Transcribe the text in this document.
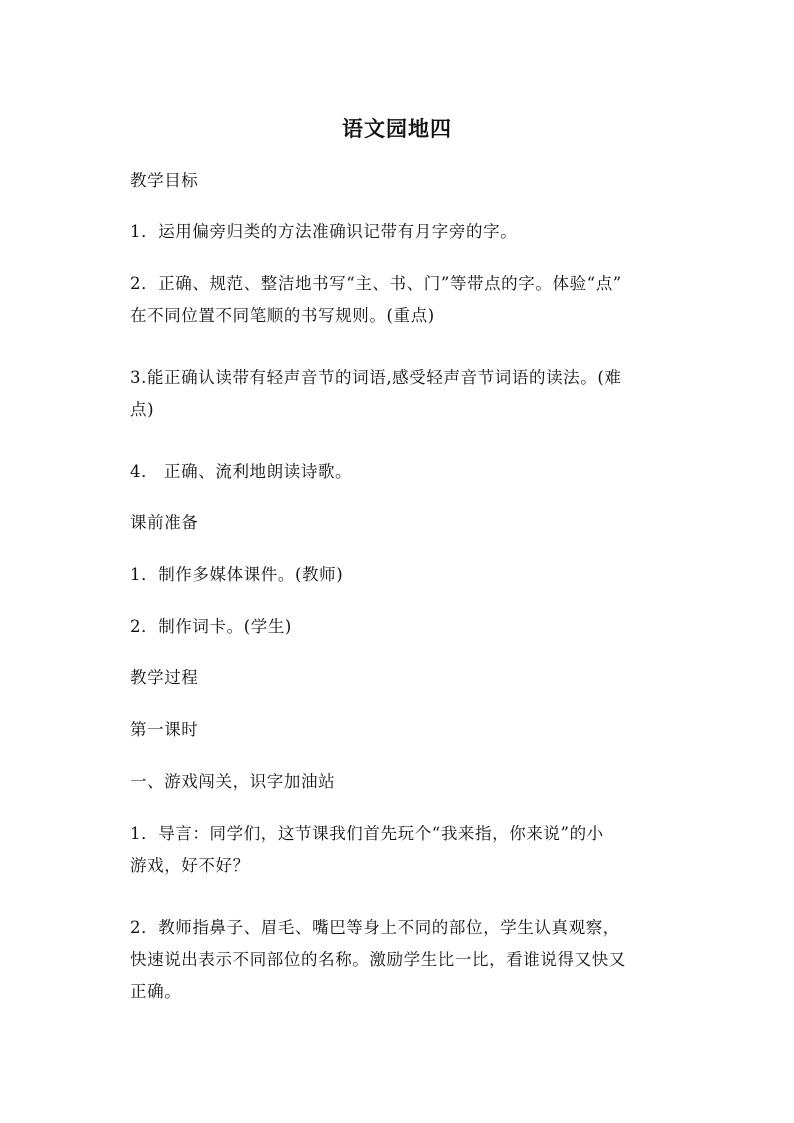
语文园地四
教学目标
1．运用偏旁归类的方法准确识记带有月字旁的字。
2．正确、规范、整洁地书写“主、书、门”等带点的字。体验“点”
在不同位置不同笔顺的书写规则。(重点)
3.能正确认读带有轻声音节的词语,感受轻声音节词语的读法。(难
点)
4． 正确、流利地朗读诗歌。
课前准备
1．制作多媒体课件。(教师)
2．制作词卡。(学生)
教学过程
第一课时
一、游戏闯关，识字加油站
1．导言：同学们，这节课我们首先玩个“我来指，你来说”的小
游戏，好不好？
2．教师指鼻子、眉毛、嘴巴等身上不同的部位，学生认真观察，
快速说出表示不同部位的名称。激励学生比一比，看谁说得又快又
正确。
